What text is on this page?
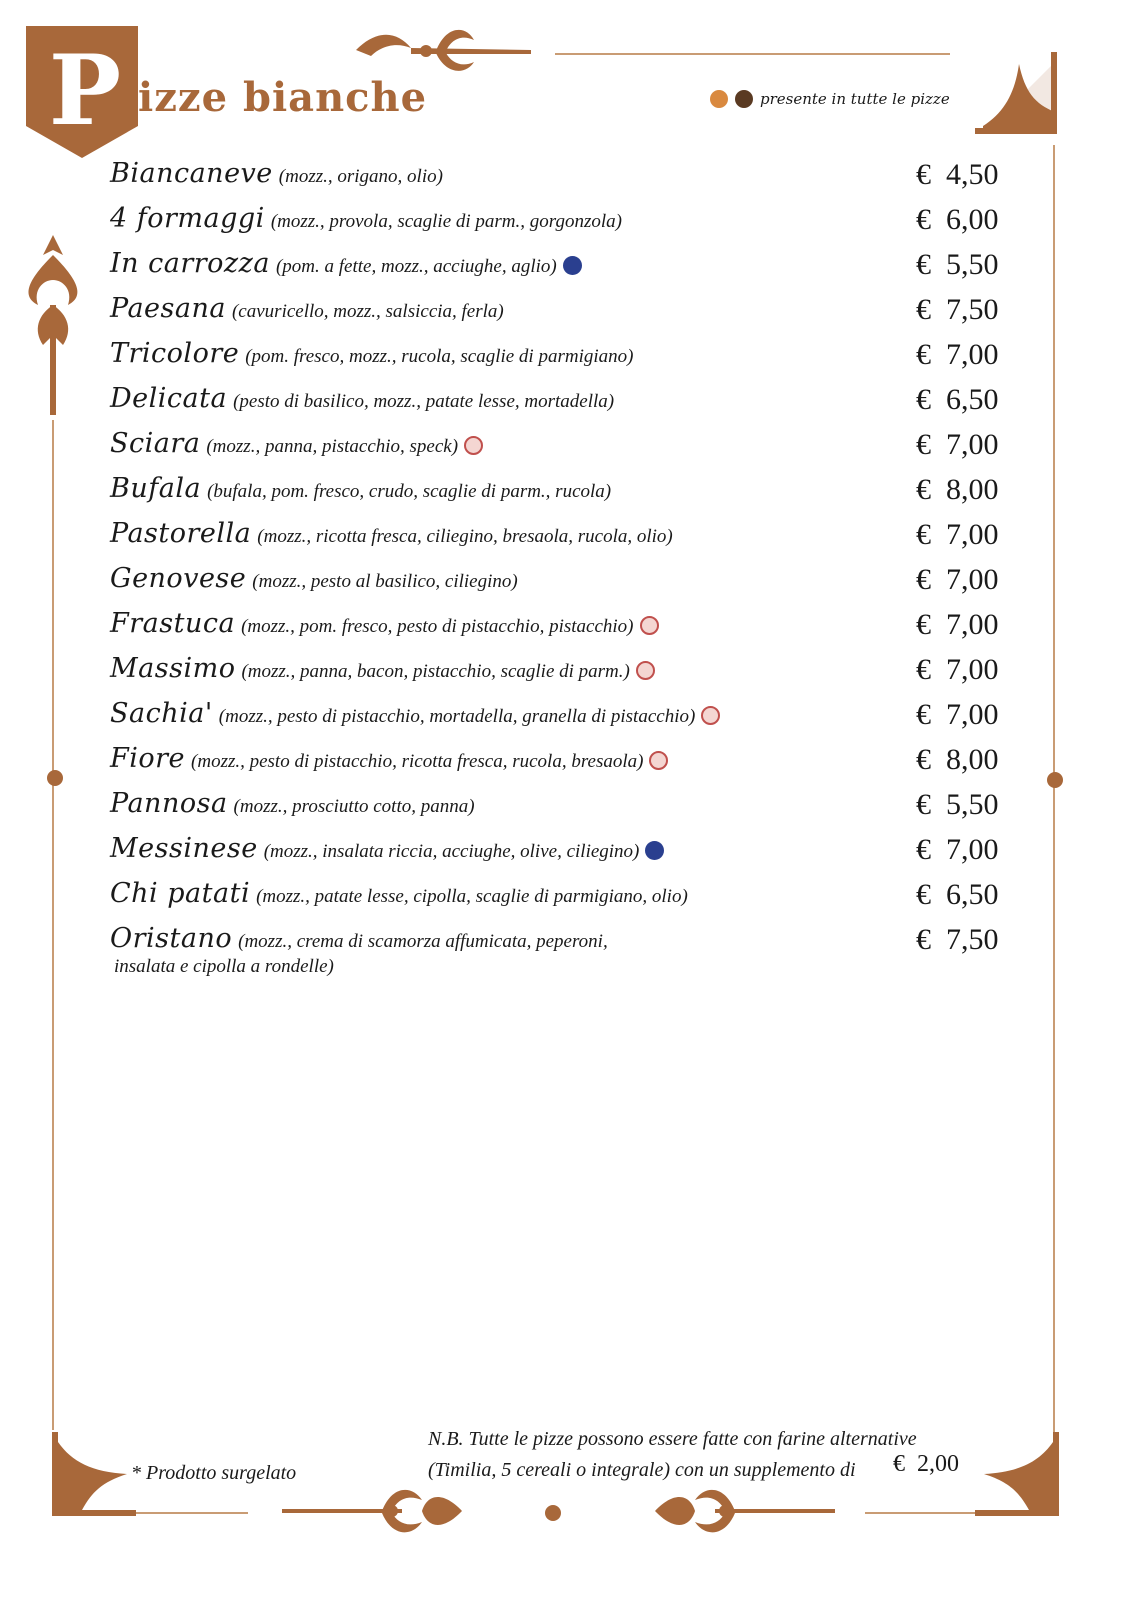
P izze bianche
	presente in tutte le pizze
Biancaneve (mozz., origano, olio)	€  4,50
4 formaggi (mozz., provola, scaglie di parm., gorgonzola)	€  6,00
In carrozza (pom. a fette, mozz., acciughe, aglio)	€  5,50
Paesana (cavuricello, mozz., salsiccia, ferla)	€  7,50
Tricolore (pom. fresco, mozz., rucola, scaglie di parmigiano)	€  7,00
Delicata (pesto di basilico, mozz., patate lesse, mortadella)	€  6,50
Sciara (mozz., panna, pistacchio, speck)	€  7,00
Bufala (bufala, pom. fresco, crudo, scaglie di parm., rucola)	€  8,00
Pastorella (mozz., ricotta fresca, ciliegino, bresaola, rucola, olio)	€  7,00
Genovese (mozz., pesto al basilico, ciliegino)	€  7,00
Frastuca (mozz., pom. fresco, pesto di pistacchio, pistacchio)	€  7,00
Massimo (mozz., panna, bacon, pistacchio, scaglie di parm.)	€  7,00
Sachia' (mozz., pesto di pistacchio, mortadella, granella di pistacchio)	€  7,00
Fiore (mozz., pesto di pistacchio, ricotta fresca, rucola, bresaola)	€  8,00
Pannosa (mozz., prosciutto cotto, panna)	€  5,50
Messinese (mozz., insalata riccia, acciughe, olive, ciliegino)	€  7,00
Chi patati (mozz., patate lesse, cipolla, scaglie di parmigiano, olio)	€  6,50
Oristano (mozz., crema di scamorza affumicata, peperoni,
insalata e cipolla a rondelle)
€  7,50
* Prodotto surgelato
N.B. Tutte le pizze possono essere fatte con farine alternative
(Timilia, 5 cereali o integrale) con un supplemento di	€  2,00
